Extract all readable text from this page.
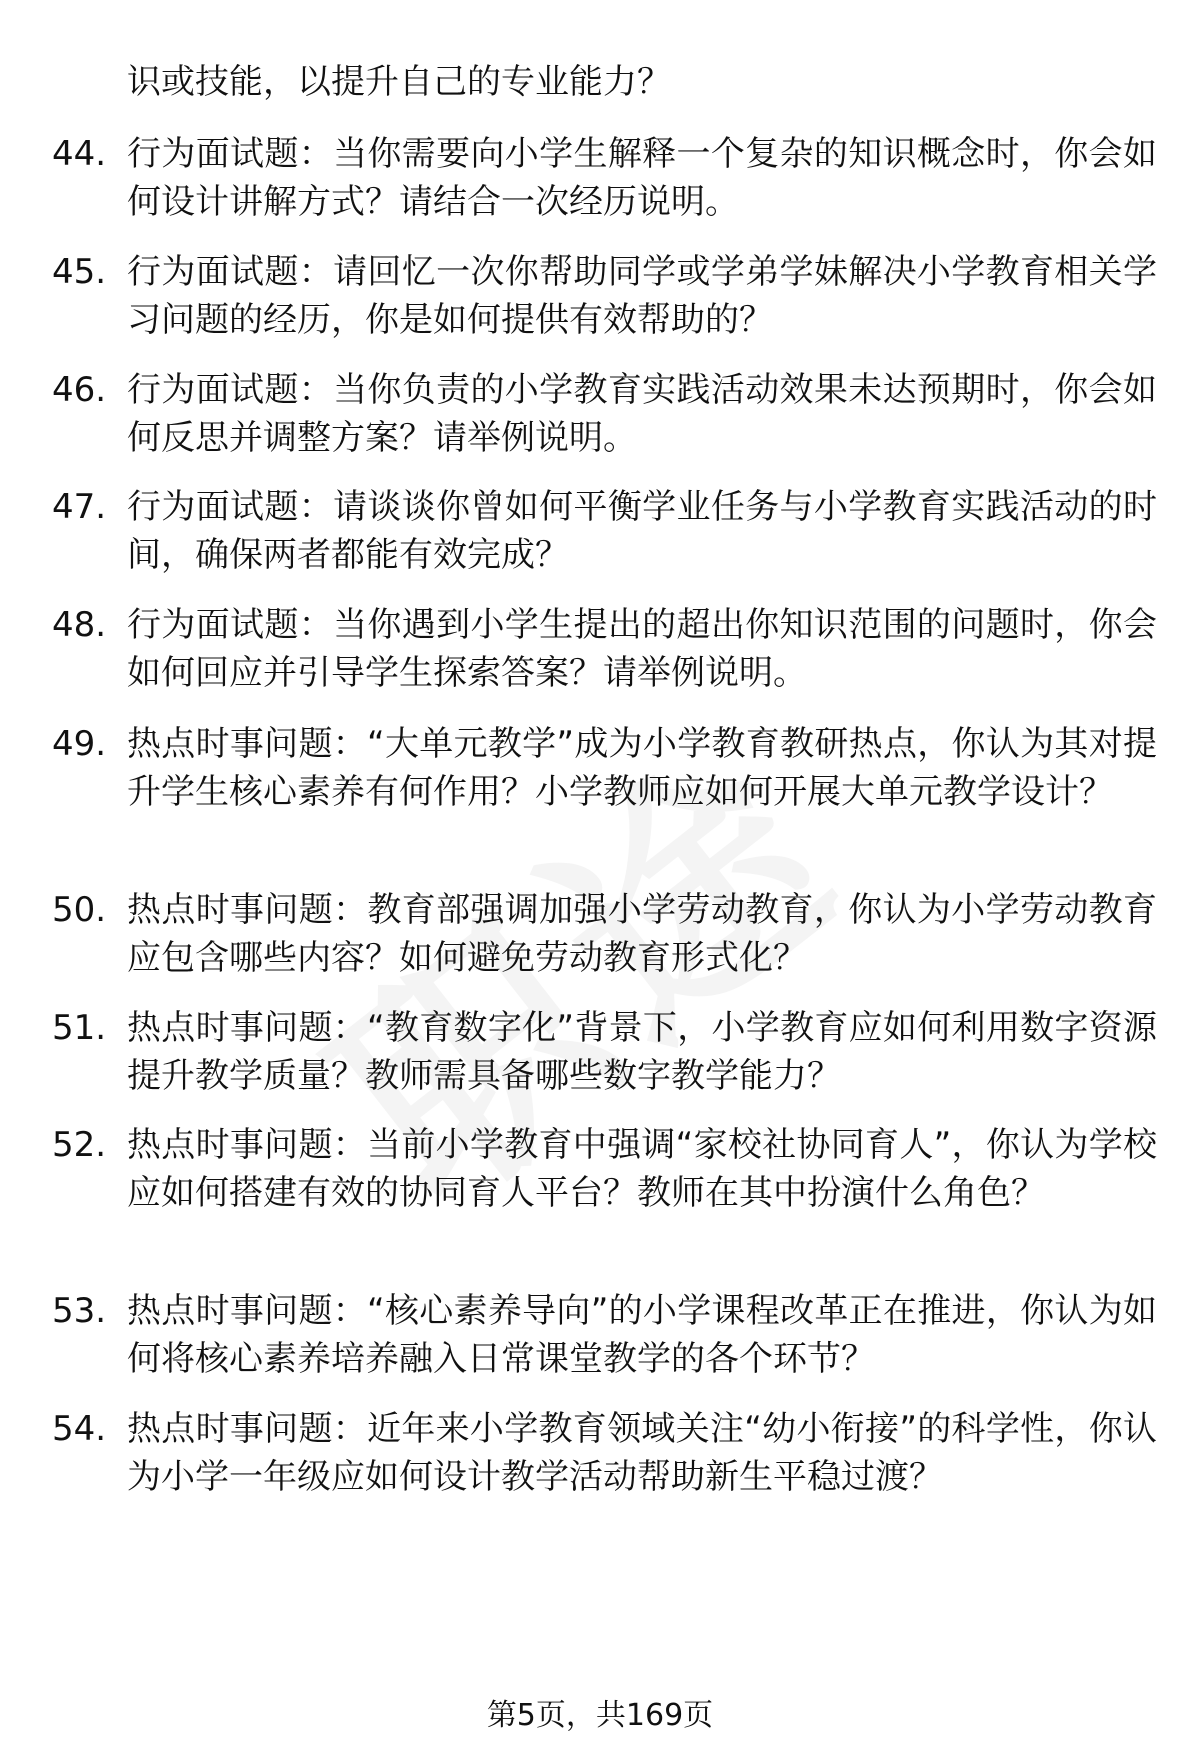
识或技能，以提升自己的专业能力？
44. 行为面试题：当你需要向小学生解释一个复杂的知识概念时，你会如何设计讲解方式？请结合一次经历说明。
45. 行为面试题：请回忆一次你帮助同学或学弟学妹解决小学教育相关学习问题的经历，你是如何提供有效帮助的？
46. 行为面试题：当你负责的小学教育实践活动效果未达预期时，你会如何反思并调整方案？请举例说明。
47. 行为面试题：请谈谈你曾如何平衡学业任务与小学教育实践活动的时间，确保两者都能有效完成？
48. 行为面试题：当你遇到小学生提出的超出你知识范围的问题时，你会如何回应并引导学生探索答案？请举例说明。
49. 热点时事问题：“大单元教学”成为小学教育教研热点，你认为其对提升学生核心素养有何作用？小学教师应如何开展大单元教学设计？
50. 热点时事问题：教育部强调加强小学劳动教育，你认为小学劳动教育应包含哪些内容？如何避免劳动教育形式化？
51. 热点时事问题：“教育数字化”背景下，小学教育应如何利用数字资源提升教学质量？教师需具备哪些数字教学能力？
52. 热点时事问题：当前小学教育中强调“家校社协同育人”，你认为学校应如何搭建有效的协同育人平台？教师在其中扮演什么角色？
53. 热点时事问题：“核心素养导向”的小学课程改革正在推进，你认为如何将核心素养培养融入日常课堂教学的各个环节？
54. 热点时事问题：近年来小学教育领域关注“幼小衔接”的科学性，你认为小学一年级应如何设计教学活动帮助新生平稳过渡？
第5页，共169页
